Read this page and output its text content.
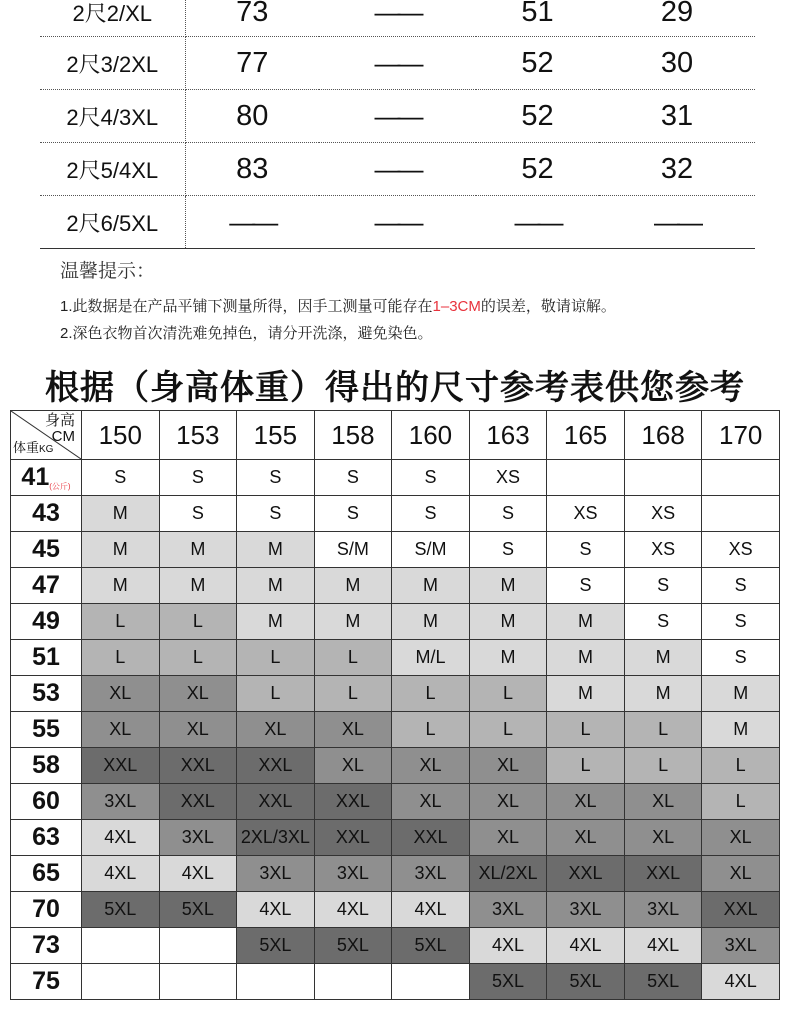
2尺2/XL	73	——	51	29

2尺3/2XL	77	——	52	30

2尺4/3XL	80	——	52	31

2尺5/4XL	83	——	52	32

2尺6/5XL	——	——	——	——
温馨提示：
1.此数据是在产品平铺下测量所得，因手工测量可能存在1–3CM的误差，敬请谅解。
2.深色衣物首次清洗难免掉色，请分开洗涤，避免染色。
根据（身高体重）得出的尺寸参考表供您参考
身高
CM
体重KG	150	153	155	158	160	163	165	168	170
41(公斤)	S	S	S	S	S	XS			
43	M	S	S	S	S	S	XS	XS	
45	M	M	M	S/M	S/M	S	S	XS	XS
47	M	M	M	M	M	M	S	S	S
49	L	L	M	M	M	M	M	S	S
51	L	L	L	L	M/L	M	M	M	S
53	XL	XL	L	L	L	L	M	M	M
55	XL	XL	XL	XL	L	L	L	L	M
58	XXL	XXL	XXL	XL	XL	XL	L	L	L
60	3XL	XXL	XXL	XXL	XL	XL	XL	XL	L
63	4XL	3XL	2XL/3XL	XXL	XXL	XL	XL	XL	XL
65	4XL	4XL	3XL	3XL	3XL	XL/2XL	XXL	XXL	XL
70	5XL	5XL	4XL	4XL	4XL	3XL	3XL	3XL	XXL
73			5XL	5XL	5XL	4XL	4XL	4XL	3XL
75						5XL	5XL	5XL	4XL
